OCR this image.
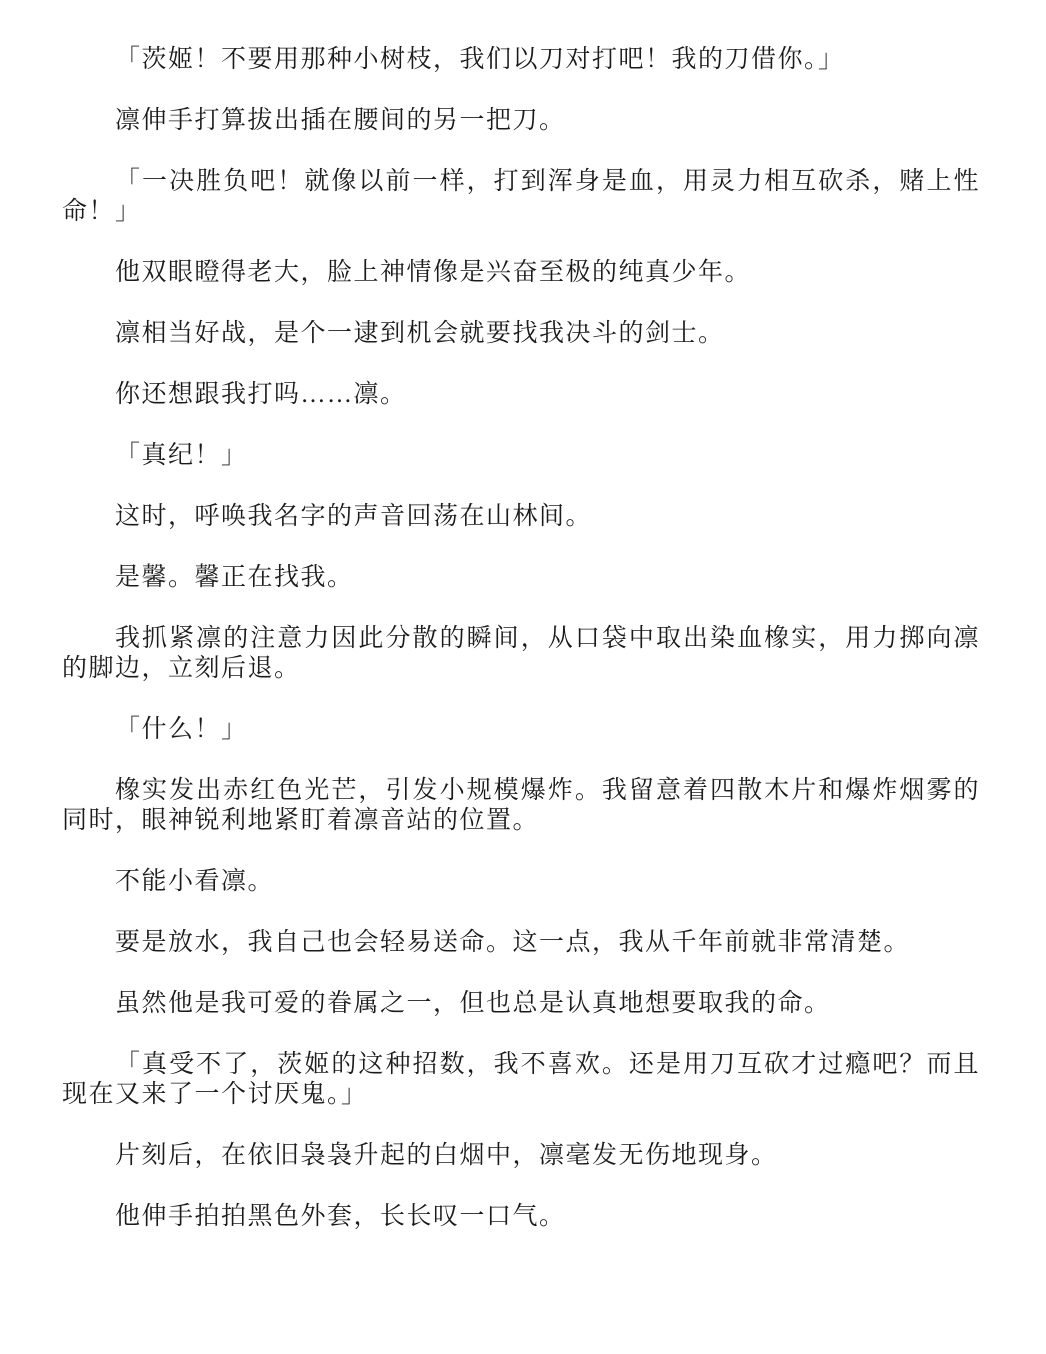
「茨姬！不要用那种小树枝，我们以刀对打吧！我的刀借你。」

凛伸手打算拔出插在腰间的另一把刀。

「一决胜负吧！就像以前一样，打到浑身是血，用灵力相互砍杀，赌上性命！」

他双眼瞪得老大，脸上神情像是兴奋至极的纯真少年。

凛相当好战，是个一逮到机会就要找我决斗的剑士。

你还想跟我打吗……凛。

「真纪！」

这时，呼唤我名字的声音回荡在山林间。

是馨。馨正在找我。

我抓紧凛的注意力因此分散的瞬间，从口袋中取出染血橡实，用力掷向凛的脚边，立刻后退。

「什么！」

橡实发出赤红色光芒，引发小规模爆炸。我留意着四散木片和爆炸烟雾的同时，眼神锐利地紧盯着凛音站的位置。

不能小看凛。

要是放水，我自己也会轻易送命。这一点，我从千年前就非常清楚。

虽然他是我可爱的眷属之一，但也总是认真地想要取我的命。

「真受不了，茨姬的这种招数，我不喜欢。还是用刀互砍才过瘾吧？而且现在又来了一个讨厌鬼。」

片刻后，在依旧袅袅升起的白烟中，凛毫发无伤地现身。

他伸手拍拍黑色外套，长长叹一口气。
